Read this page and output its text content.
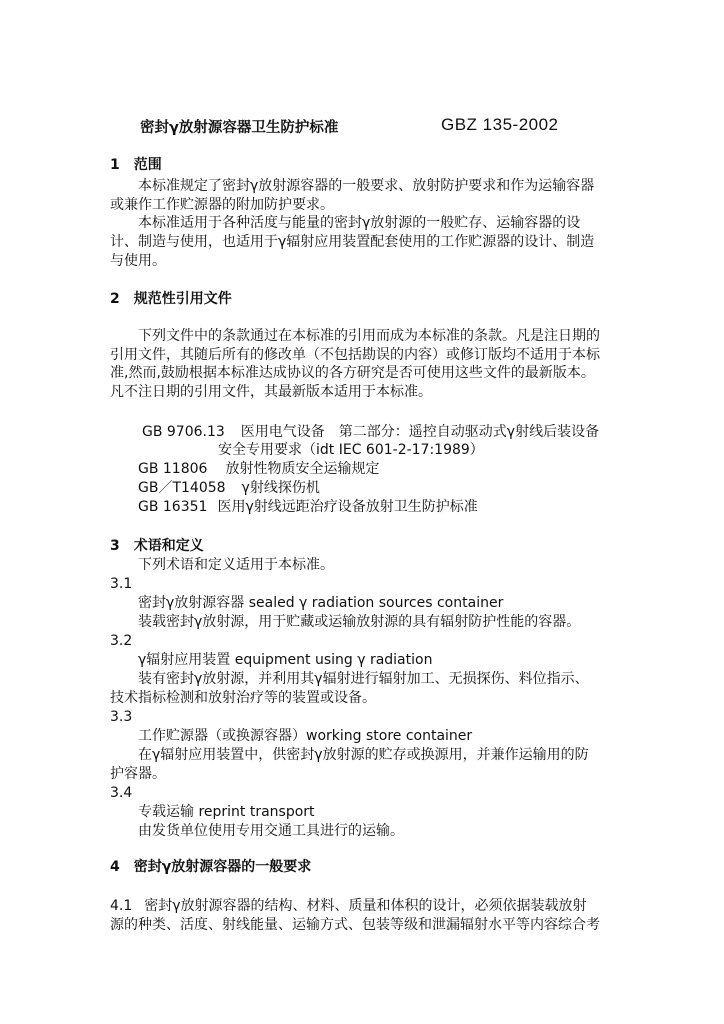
密封γ放射源容器卫生防护标准	GBZ 135-2002
1 范围
本标准规定了密封γ放射源容器的一般要求、放射防护要求和作为运输容器
或兼作工作贮源器的附加防护要求。
本标准适用于各种活度与能量的密封γ放射源的一般贮存、运输容器的设
计、制造与使用，也适用于γ辐射应用装置配套使用的工作贮源器的设计、制造
与使用。
2 规范性引用文件
下列文件中的条款通过在本标准的引用而成为本标准的条款。凡是注日期的
引用文件，其随后所有的修改单（不包括勘误的内容）或修订版均不适用于本标
准,然而,鼓励根据本标准达成协议的各方研究是否可使用这些文件的最新版本。
凡不注日期的引用文件，其最新版本适用于本标准。
GB 9706.13 医用电气设备　第二部分：遥控自动驱动式γ射线后装设备
安全专用要求（idt IEC 601-2-17:1989）
GB 11806 放射性物质安全运输规定
GB／T14058 γ射线探伤机
GB 16351 医用γ射线远距治疗设备放射卫生防护标准
3 术语和定义
下列术语和定义适用于本标准。
3.1
密封γ放射源容器 sealed γ radiation sources container
装载密封γ放射源，用于贮藏或运输放射源的具有辐射防护性能的容器。
3.2
γ辐射应用装置 equipment using γ radiation
装有密封γ放射源，并利用其γ辐射进行辐射加工、无损探伤、料位指示、
技术指标检测和放射治疗等的装置或设备。
3.3
工作贮源器（或换源容器）working store container
在γ辐射应用装置中，供密封γ放射源的贮存或换源用，并兼作运输用的防
护容器。
3.4
专载运输 reprint transport
由发货单位使用专用交通工具进行的运输。
4 密封γ放射源容器的一般要求
4.1 密封γ放射源容器的结构、材料、质量和体积的设计，必须依据装载放射
源的种类、活度、射线能量、运输方式、包装等级和泄漏辐射水平等内容综合考
